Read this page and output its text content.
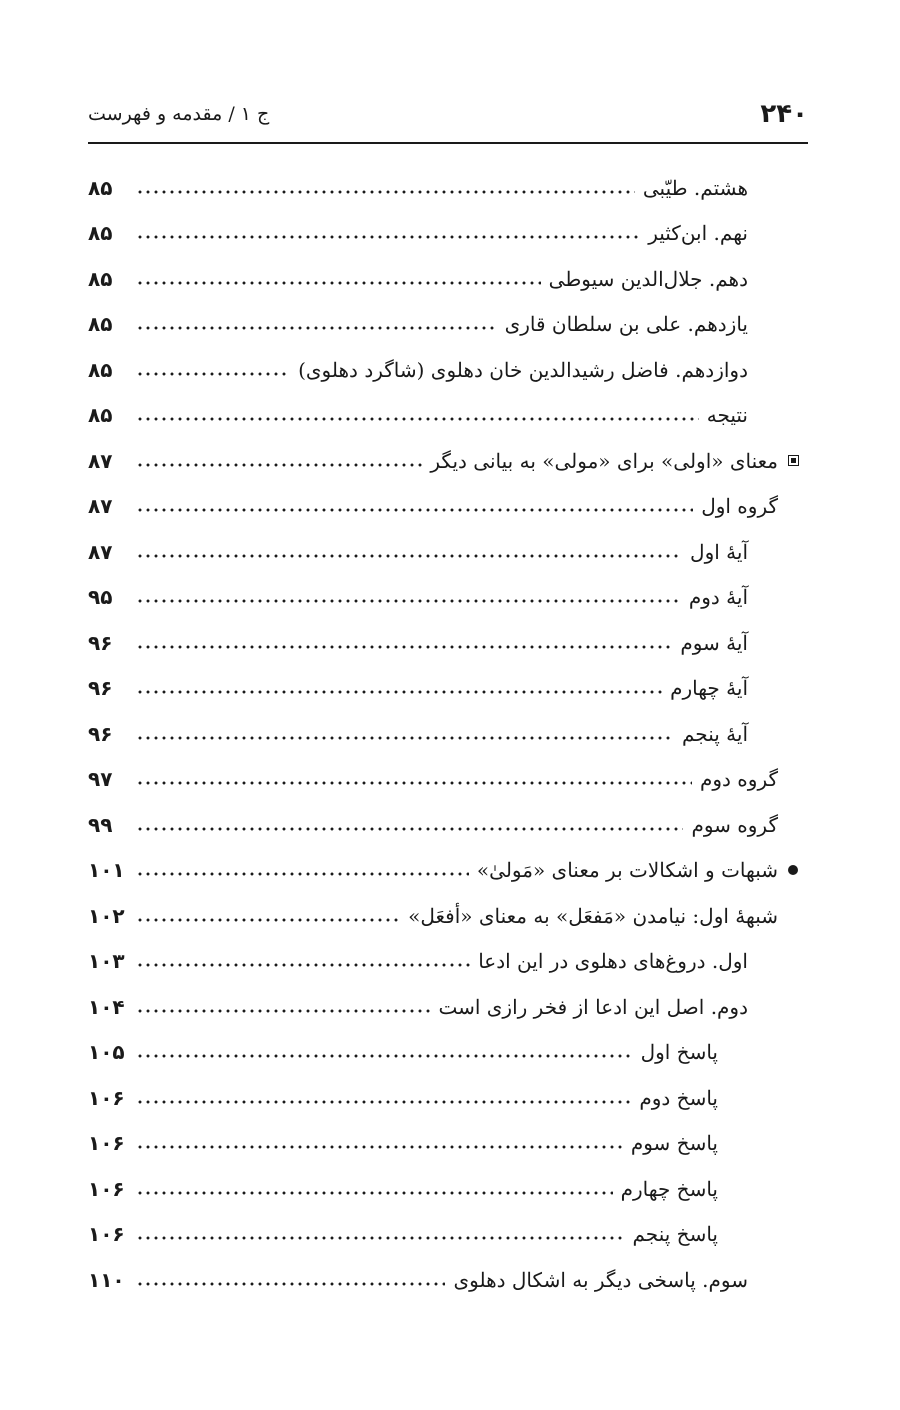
۲۴۰
ج ۱ / مقدمه و فهرست
هشتم. طیّبی
۸۵
نهم. ابن‌کثیر
۸۵
دهم. جلال‌الدین سیوطی
۸۵
یازدهم. علی بن سلطان قاری
۸۵
دوازدهم. فاضل رشیدالدین خان دهلوی (شاگرد دهلوی)
۸۵
نتیجه
۸۵
معنای «اولی» برای «مولی» به بیانی دیگر
۸۷
گروه اول
۸۷
آیهٔ اول
۸۷
آیهٔ دوم
۹۵
آیهٔ سوم
۹۶
آیهٔ چهارم
۹۶
آیهٔ پنجم
۹۶
گروه دوم
۹۷
گروه سوم
۹۹
شبهات و اشکالات بر معنای «مَولیٰ»
۱۰۱
شبههٔ اول: نیامدن «مَفعَل» به معنای «أفعَل»
۱۰۲
اول. دروغ‌های دهلوی در این ادعا
۱۰۳
دوم. اصل این ادعا از فخر رازی است
۱۰۴
پاسخ اول
۱۰۵
پاسخ دوم
۱۰۶
پاسخ سوم
۱۰۶
پاسخ چهارم
۱۰۶
پاسخ پنجم
۱۰۶
سوم. پاسخی دیگر به اشکال دهلوی
۱۱۰
